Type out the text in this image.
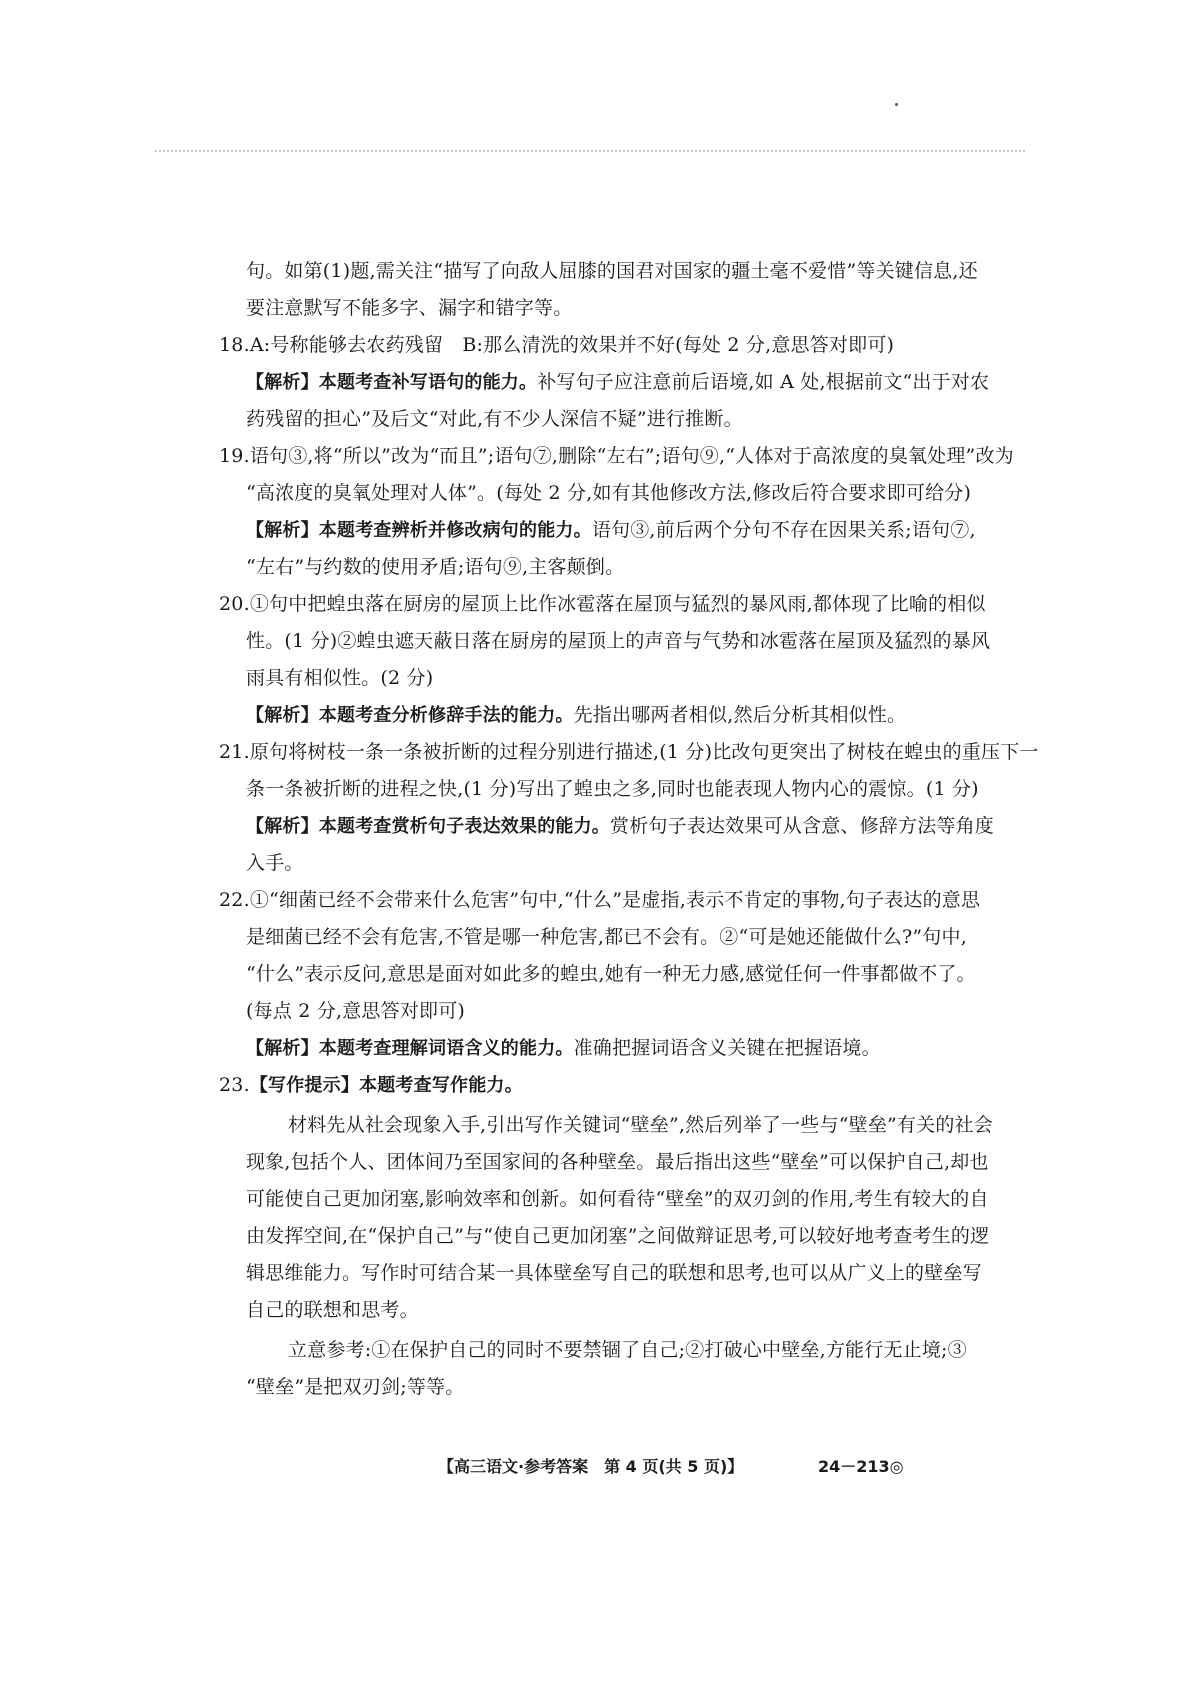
句。如第(1)题,需关注“描写了向敌人屈膝的国君对国家的疆土毫不爱惜”等关键信息,还
要注意默写不能多字、漏字和错字等。
18.A:号称能够去农药残留　B:那么清洗的效果并不好(每处 2 分,意思答对即可)
【解析】本题考查补写语句的能力。补写句子应注意前后语境,如 A 处,根据前文“出于对农
药残留的担心”及后文“对此,有不少人深信不疑”进行推断。
19.语句③,将“所以”改为“而且”;语句⑦,删除“左右”;语句⑨,“人体对于高浓度的臭氧处理”改为
“高浓度的臭氧处理对人体”。(每处 2 分,如有其他修改方法,修改后符合要求即可给分)
【解析】本题考查辨析并修改病句的能力。语句③,前后两个分句不存在因果关系;语句⑦,
“左右”与约数的使用矛盾;语句⑨,主客颠倒。
20.①句中把蝗虫落在厨房的屋顶上比作冰雹落在屋顶与猛烈的暴风雨,都体现了比喻的相似
性。(1 分)②蝗虫遮天蔽日落在厨房的屋顶上的声音与气势和冰雹落在屋顶及猛烈的暴风
雨具有相似性。(2 分)
【解析】本题考查分析修辞手法的能力。先指出哪两者相似,然后分析其相似性。
21.原句将树枝一条一条被折断的过程分别进行描述,(1 分)比改句更突出了树枝在蝗虫的重压下一
条一条被折断的进程之快,(1 分)写出了蝗虫之多,同时也能表现人物内心的震惊。(1 分)
【解析】本题考查赏析句子表达效果的能力。赏析句子表达效果可从含意、修辞方法等角度
入手。
22.①“细菌已经不会带来什么危害”句中,“什么”是虚指,表示不肯定的事物,句子表达的意思
是细菌已经不会有危害,不管是哪一种危害,都已不会有。②“可是她还能做什么?”句中,
“什么”表示反问,意思是面对如此多的蝗虫,她有一种无力感,感觉任何一件事都做不了。
(每点 2 分,意思答对即可)
【解析】本题考查理解词语含义的能力。准确把握词语含义关键在把握语境。
23.【写作提示】本题考查写作能力。
材料先从社会现象入手,引出写作关键词“壁垒”,然后列举了一些与“壁垒”有关的社会
现象,包括个人、团体间乃至国家间的各种壁垒。最后指出这些“壁垒”可以保护自己,却也
可能使自己更加闭塞,影响效率和创新。如何看待“壁垒”的双刃剑的作用,考生有较大的自
由发挥空间,在“保护自己”与“使自己更加闭塞”之间做辩证思考,可以较好地考查考生的逻
辑思维能力。写作时可结合某一具体壁垒写自己的联想和思考,也可以从广义上的壁垒写
自己的联想和思考。
立意参考:①在保护自己的同时不要禁锢了自己;②打破心中壁垒,方能行无止境;③
“壁垒”是把双刃剑;等等。
【高三语文·参考答案　第 4 页(共 5 页)】	24－213◎
